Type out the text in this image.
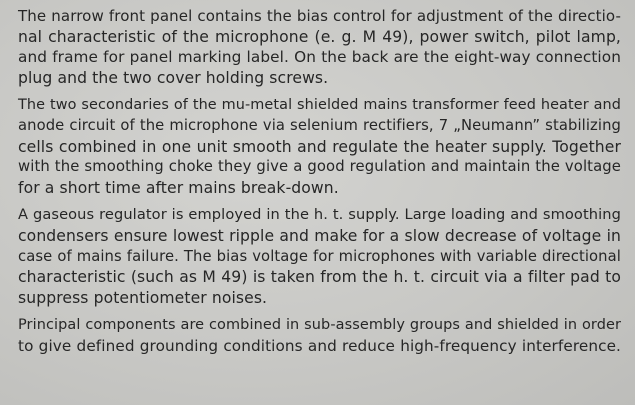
The narrow front panel contains the bias control for adjustment of the directio-
nal characteristic of the microphone (e. g. M 49), power switch, pilot lamp,
and frame for panel marking label. On the back are the eight-way connection
plug and the two cover holding screws.
The two secondaries of the mu-metal shielded mains transformer feed heater and
anode circuit of the microphone via selenium rectifiers, 7 „Neumann” stabilizing
cells combined in one unit smooth and regulate the heater supply. Together
with the smoothing choke they give a good regulation and maintain the voltage
for a short time after mains break-down.
A gaseous regulator is employed in the h. t. supply. Large loading and smoothing
condensers ensure lowest ripple and make for a slow decrease of voltage in
case of mains failure. The bias voltage for microphones with variable directional
characteristic (such as M 49) is taken from the h. t. circuit via a filter pad to
suppress potentiometer noises.
Principal components are combined in sub-assembly groups and shielded in order
to give defined grounding conditions and reduce high-frequency interference.
